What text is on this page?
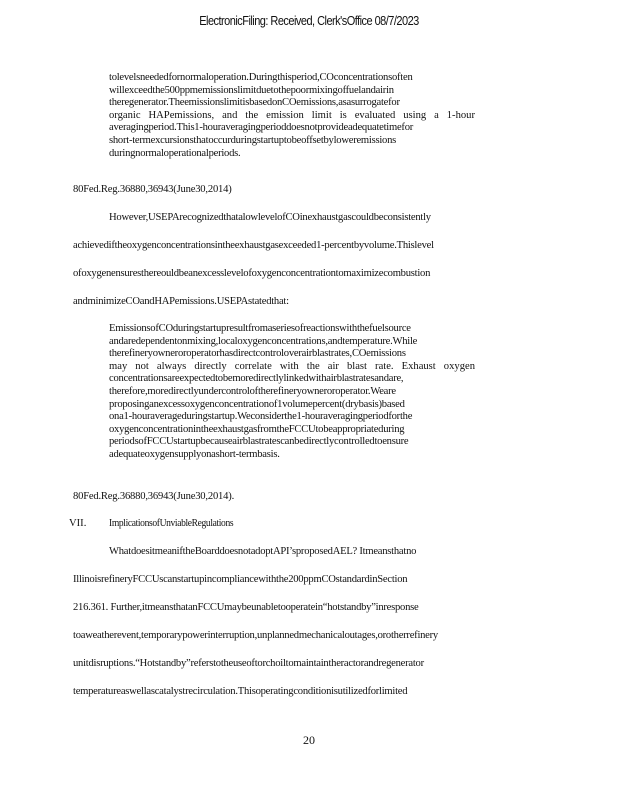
ElectronicFiling: Received, Clerk'sOffice 08/7/2023
tolevelsneededfornormaloperation.Duringthisperiod,COconcentrationsoften
willexceedthe500ppmemissionslimitduetothepoormixingoffuelandairin
theregenerator.TheemissionslimitisbasedonCOemissions,asasurrogatefor
organic HAPemissions, and the emission limit is evaluated using a 1-hour
averagingperiod.This1-houraveragingperioddoesnotprovideadequatetimefor
short-termexcursionsthatoccurduringstartuptobeoffsetbyloweremissions
duringnormaloperationalperiods.
80Fed.Reg.36880,36943(June30,2014)
However,USEPArecognizedthatalowlevelofCOinexhaustgascouldbeconsistently
achievediftheoxygenconcentrationsintheexhaustgasexceeded1-percentbyvolume.Thislevel
ofoxygenensuresthereouldbeanexcesslevelofoxygenconcentrationtomaximizecombustion
andminimizeCOandHAPemissions.USEPAstatedthat:
EmissionsofCOduringstartupresultfromaseriesofreactionswiththefuelsource
andaredependentonmixing,localoxygenconcentrations,andtemperature.While
therefineryowneroroperatorhasdirectcontroloverairblastrates,COemissions
may not always directly correlate with the air blast rate. Exhaust oxygen
concentrationsareexpectedtobemoredirectlylinkedwithairblastratesandare,
therefore,moredirectlyundercontroloftherefineryowneroroperator.Weare
proposinganexcessoxygenconcentrationof1volumepercent(drybasis)based
ona1-houraverageduringstartup.Weconsiderthe1-houraveragingperiodforthe
oxygenconcentrationintheexhaustgasfromtheFCCUtobeappropriateduring
periodsofFCCUstartupbecauseairblastratescanbedirectlycontrolledtoensure
adequateoxygensupplyonashort-termbasis.
80Fed.Reg.36880,36943(June30,2014).
VII. ImplicationsofUnviableRegulations
WhatdoesitmeaniftheBoarddoesnotadoptAPI’sproposedAEL? Itmeansthatno
IllinoisrefineryFCCUscanstartupincompliancewiththe200ppmCOstandardinSection
216.361. Further,itmeansthatanFCCUmaybeunabletooperatein“hotstandby”inresponse
toaweatherevent,temporarypowerinterruption,unplannedmechanicaloutages,orotherrefinery
unitdisruptions.“Hotstandby”referstotheuseoftorchoiltomaintaintheractorandregenerator
temperatureaswellascatalystrecirculation.Thisoperatingconditionisutilizedforlimited
20
